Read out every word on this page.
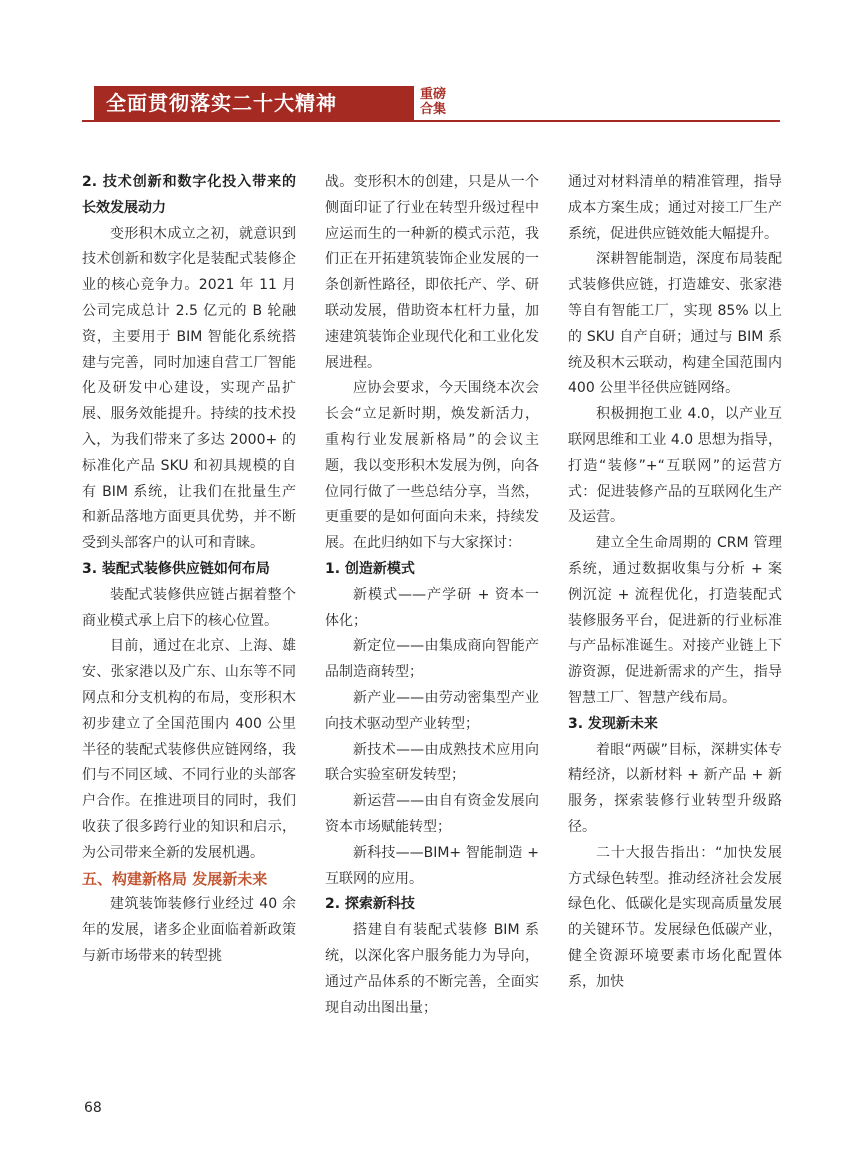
全面贯彻落实二十大精神	重磅
合集

2. 技术创新和数字化投入带来的长效发展动力

变形积木成立之初，就意识到技术创新和数字化是装配式装修企业的核心竞争力。2021 年 11 月公司完成总计 2.5 亿元的 B 轮融资，主要用于 BIM 智能化系统搭建与完善，同时加速自营工厂智能化及研发中心建设，实现产品扩展、服务效能提升。持续的技术投入，为我们带来了多达 2000+ 的标准化产品 SKU 和初具规模的自有 BIM 系统，让我们在批量生产和新品落地方面更具优势，并不断受到头部客户的认可和青睐。

3. 装配式装修供应链如何布局

装配式装修供应链占据着整个商业模式承上启下的核心位置。

目前，通过在北京、上海、雄安、张家港以及广东、山东等不同网点和分支机构的布局，变形积木初步建立了全国范围内 400 公里半径的装配式装修供应链网络，我们与不同区域、不同行业的头部客户合作。在推进项目的同时，我们收获了很多跨行业的知识和启示，为公司带来全新的发展机遇。

五、构建新格局 发展新未来

建筑装饰装修行业经过 40 余年的发展，诸多企业面临着新政策与新市场带来的转型挑

战。变形积木的创建，只是从一个侧面印证了行业在转型升级过程中应运而生的一种新的模式示范，我们正在开拓建筑装饰企业发展的一条创新性路径，即依托产、学、研联动发展，借助资本杠杆力量，加速建筑装饰企业现代化和工业化发展进程。

应协会要求，今天围绕本次会长会“立足新时期，焕发新活力，重构行业发展新格局”的会议主题，我以变形积木发展为例，向各位同行做了一些总结分享，当然，更重要的是如何面向未来，持续发展。在此归纳如下与大家探讨：

1. 创造新模式

新模式——产学研 + 资本一体化；

新定位——由集成商向智能产品制造商转型；

新产业——由劳动密集型产业向技术驱动型产业转型；

新技术——由成熟技术应用向联合实验室研发转型；

新运营——由自有资金发展向资本市场赋能转型；

新科技——BIM+ 智能制造 + 互联网的应用。

2. 探索新科技

搭建自有装配式装修 BIM 系统，以深化客户服务能力为导向，通过产品体系的不断完善，全面实现自动出图出量；

通过对材料清单的精准管理，指导成本方案生成；通过对接工厂生产系统，促进供应链效能大幅提升。

深耕智能制造，深度布局装配式装修供应链，打造雄安、张家港等自有智能工厂，实现 85% 以上的 SKU 自产自研；通过与 BIM 系统及积木云联动，构建全国范围内 400 公里半径供应链网络。

积极拥抱工业 4.0，以产业互联网思维和工业 4.0 思想为指导，打造“装修”+“互联网”的运营方式：促进装修产品的互联网化生产及运营。

建立全生命周期的 CRM 管理系统，通过数据收集与分析 + 案例沉淀 + 流程优化，打造装配式装修服务平台，促进新的行业标准与产品标准诞生。对接产业链上下游资源，促进新需求的产生，指导智慧工厂、智慧产线布局。

3. 发现新未来

着眼“两碳”目标，深耕实体专精经济，以新材料 + 新产品 + 新服务，探索装修行业转型升级路径。

二十大报告指出：“加快发展方式绿色转型。推动经济社会发展绿色化、低碳化是实现高质量发展的关键环节。发展绿色低碳产业，健全资源环境要素市场化配置体系，加快

68
